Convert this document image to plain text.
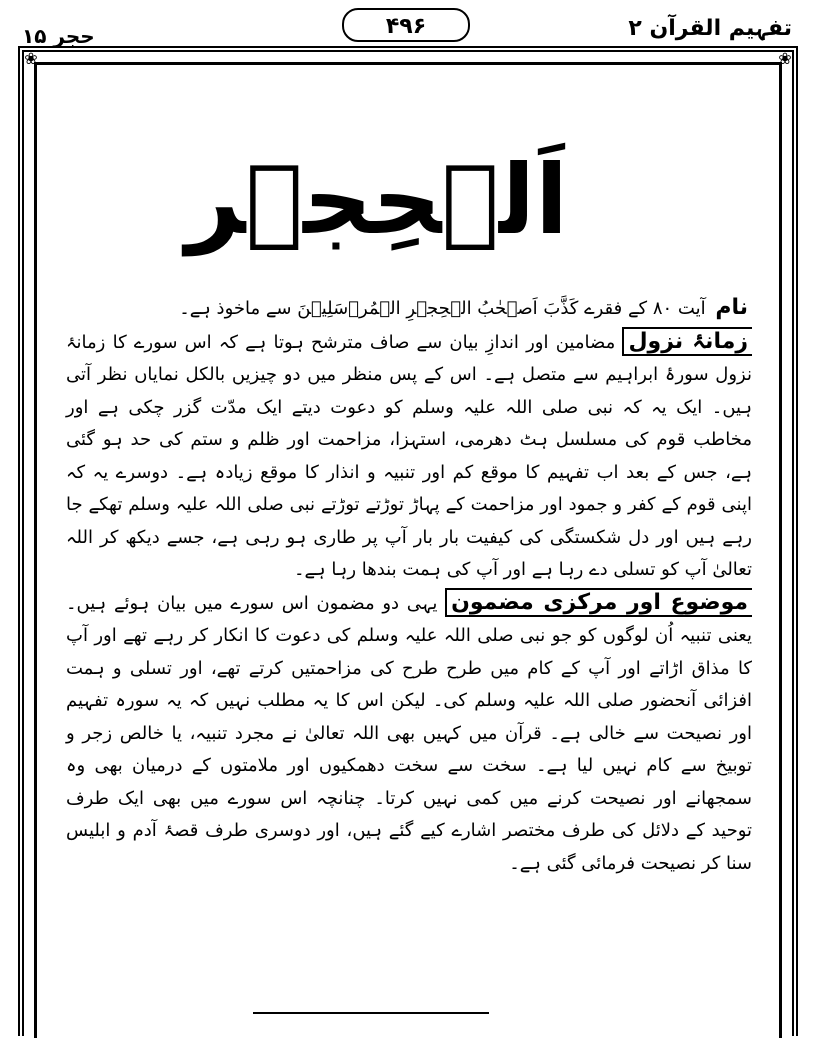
حجر ۱۵	۴۹۶	تفہیم القرآن ۲
❀	❀
اَلۡحِجۡر

نام آیت ۸۰ کے فقرے كَذَّبَ اَصۡحٰبُ الۡحِجۡرِ الۡمُرۡسَلِيۡنَ سے ماخوذ ہے۔

زمانۂ نزول مضامین اور اندازِ بیان سے صاف مترشح ہوتا ہے کہ اس سورے کا زمانۂ نزول سورۂ ابراہیم سے متصل ہے۔ اس کے پس منظر میں دو چیزیں بالکل نمایاں نظر آتی ہیں۔ ایک یہ کہ نبی صلی اللہ علیہ وسلم کو دعوت دیتے ایک مدّت گزر چکی ہے اور مخاطب قوم کی مسلسل ہٹ دھرمی، استہزا، مزاحمت اور ظلم و ستم کی حد ہو گئی ہے، جس کے بعد اب تفہیم کا موقع کم اور تنبیہ و انذار کا موقع زیادہ ہے۔ دوسرے یہ کہ اپنی قوم کے کفر و جمود اور مزاحمت کے پہاڑ توڑتے توڑتے نبی صلی اللہ علیہ وسلم تھکے جا رہے ہیں اور دل شکستگی کی کیفیت بار بار آپ پر طاری ہو رہی ہے، جسے دیکھ کر اللہ تعالیٰ آپ کو تسلی دے رہا ہے اور آپ کی ہمت بندھا رہا ہے۔

موضوع اور مرکزی مضمون یہی دو مضمون اس سورے میں بیان ہوئے ہیں۔ یعنی تنبیہ اُن لوگوں کو جو نبی صلی اللہ علیہ وسلم کی دعوت کا انکار کر رہے تھے اور آپ کا مذاق اڑاتے اور آپ کے کام میں طرح طرح کی مزاحمتیں کرتے تھے، اور تسلی و ہمت افزائی آنحضور صلی اللہ علیہ وسلم کی۔ لیکن اس کا یہ مطلب نہیں کہ یہ سورہ تفہیم اور نصیحت سے خالی ہے۔ قرآن میں کہیں بھی اللہ تعالیٰ نے مجرد تنبیہ، یا خالص زجر و توبیخ سے کام نہیں لیا ہے۔ سخت سے سخت دھمکیوں اور ملامتوں کے درمیان بھی وہ سمجھانے اور نصیحت کرنے میں کمی نہیں کرتا۔ چنانچہ اس سورے میں بھی ایک طرف توحید کے دلائل کی طرف مختصر اشارے کیے گئے ہیں، اور دوسری طرف قصۂ آدم و ابلیس سنا کر نصیحت فرمائی گئی ہے۔
